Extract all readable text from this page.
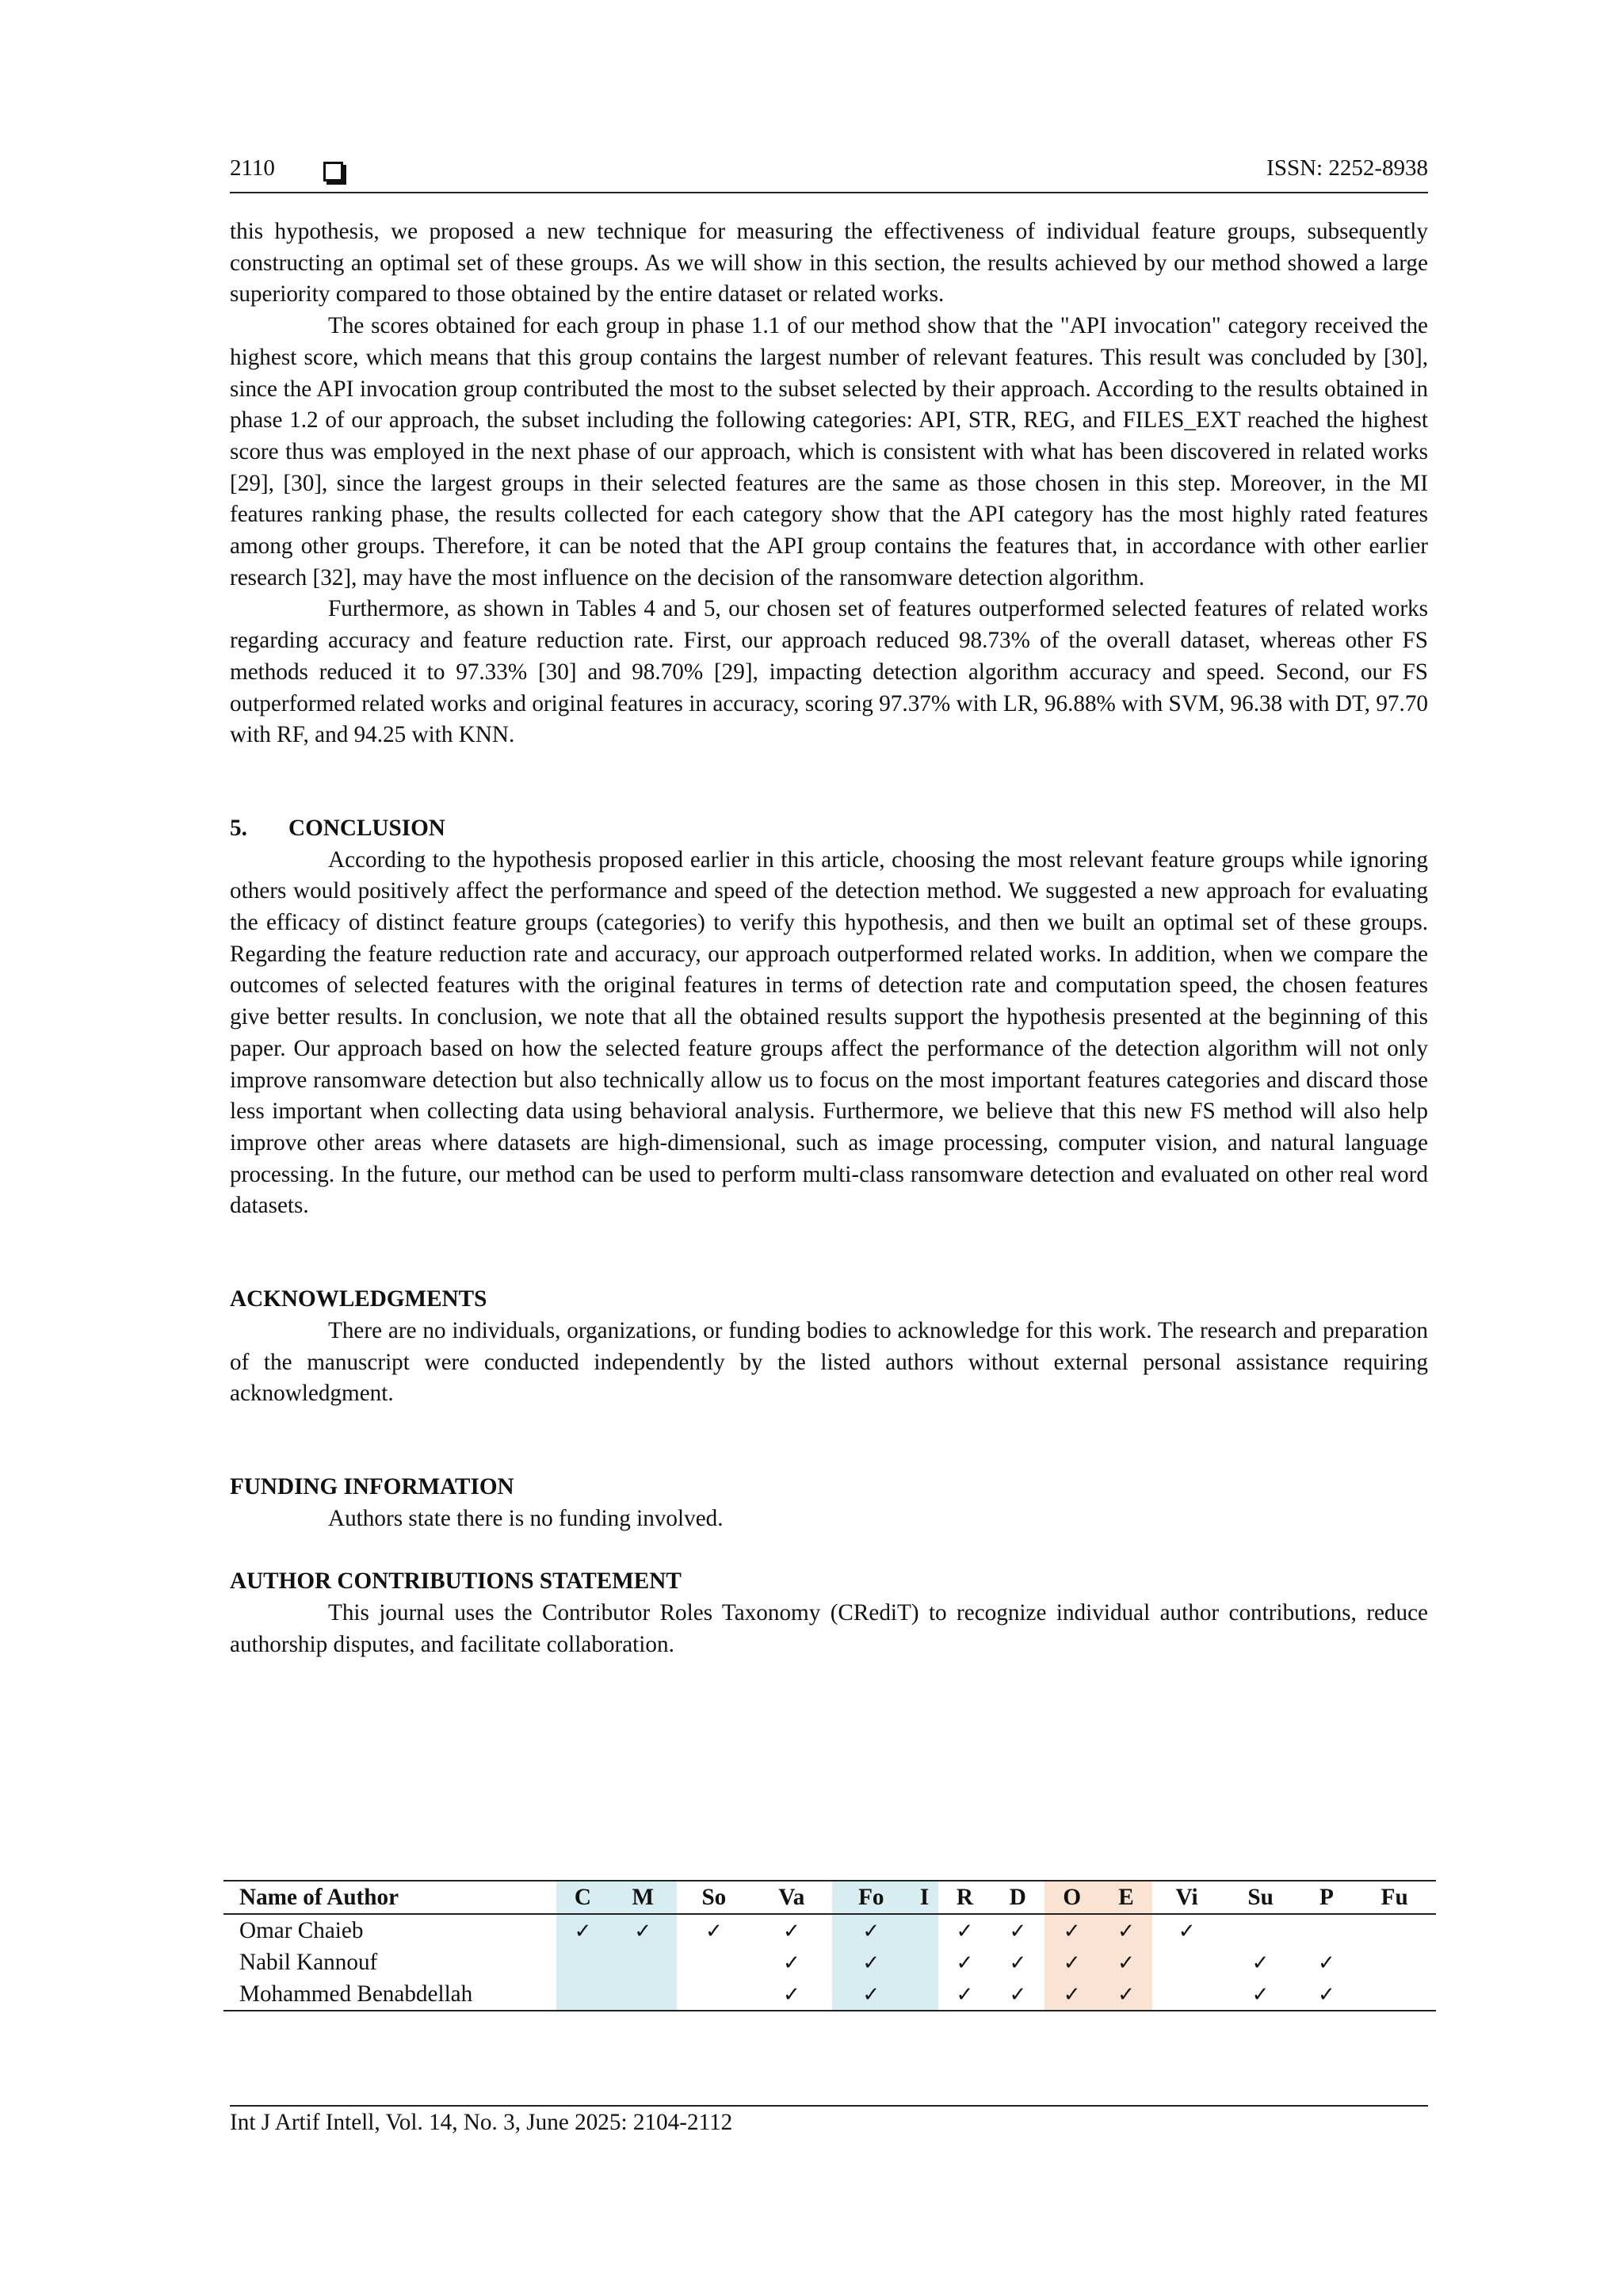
2110	ISSN: 2252-8938

this hypothesis, we proposed a new technique for measuring the effectiveness of individual feature groups, subsequently constructing an optimal set of these groups. As we will show in this section, the results achieved by our method showed a large superiority compared to those obtained by the entire dataset or related works.

The scores obtained for each group in phase 1.1 of our method show that the "API invocation" category received the highest score, which means that this group contains the largest number of relevant features. This result was concluded by [30], since the API invocation group contributed the most to the subset selected by their approach. According to the results obtained in phase 1.2 of our approach, the subset including the following categories: API, STR, REG, and FILES_EXT reached the highest score thus was employed in the next phase of our approach, which is consistent with what has been discovered in related works [29], [30], since the largest groups in their selected features are the same as those chosen in this step. Moreover, in the MI features ranking phase, the results collected for each category show that the API category has the most highly rated features among other groups. Therefore, it can be noted that the API group contains the features that, in accordance with other earlier research [32], may have the most influence on the decision of the ransomware detection algorithm.

Furthermore, as shown in Tables 4 and 5, our chosen set of features outperformed selected features of related works regarding accuracy and feature reduction rate. First, our approach reduced 98.73% of the overall dataset, whereas other FS methods reduced it to 97.33% [30] and 98.70% [29], impacting detection algorithm accuracy and speed. Second, our FS outperformed related works and original features in accuracy, scoring 97.37% with LR, 96.88% with SVM, 96.38 with DT, 97.70 with RF, and 94.25 with KNN.

5. CONCLUSION

According to the hypothesis proposed earlier in this article, choosing the most relevant feature groups while ignoring others would positively affect the performance and speed of the detection method. We suggested a new approach for evaluating the efficacy of distinct feature groups (categories) to verify this hypothesis, and then we built an optimal set of these groups. Regarding the feature reduction rate and accuracy, our approach outperformed related works. In addition, when we compare the outcomes of selected features with the original features in terms of detection rate and computation speed, the chosen features give better results. In conclusion, we note that all the obtained results support the hypothesis presented at the beginning of this paper. Our approach based on how the selected feature groups affect the performance of the detection algorithm will not only improve ransomware detection but also technically allow us to focus on the most important features categories and discard those less important when collecting data using behavioral analysis. Furthermore, we believe that this new FS method will also help improve other areas where datasets are high-dimensional, such as image processing, computer vision, and natural language processing. In the future, our method can be used to perform multi-class ransomware detection and evaluated on other real word datasets.

ACKNOWLEDGMENTS

There are no individuals, organizations, or funding bodies to acknowledge for this work. The research and preparation of the manuscript were conducted independently by the listed authors without external personal assistance requiring acknowledgment.

FUNDING INFORMATION

Authors state there is no funding involved.

AUTHOR CONTRIBUTIONS STATEMENT

This journal uses the Contributor Roles Taxonomy (CRediT) to recognize individual author contributions, reduce authorship disputes, and facilitate collaboration.

Name of Author	C	M	So	Va	Fo	I	R	D	O	E	Vi	Su	P	Fu
Omar Chaieb	✓	✓	✓	✓	✓		✓	✓	✓	✓	✓			
Nabil Kannouf				✓	✓		✓	✓	✓	✓		✓	✓	
Mohammed Benabdellah				✓	✓		✓	✓	✓	✓		✓	✓	
Int J Artif Intell, Vol. 14, No. 3, June 2025: 2104-2112
